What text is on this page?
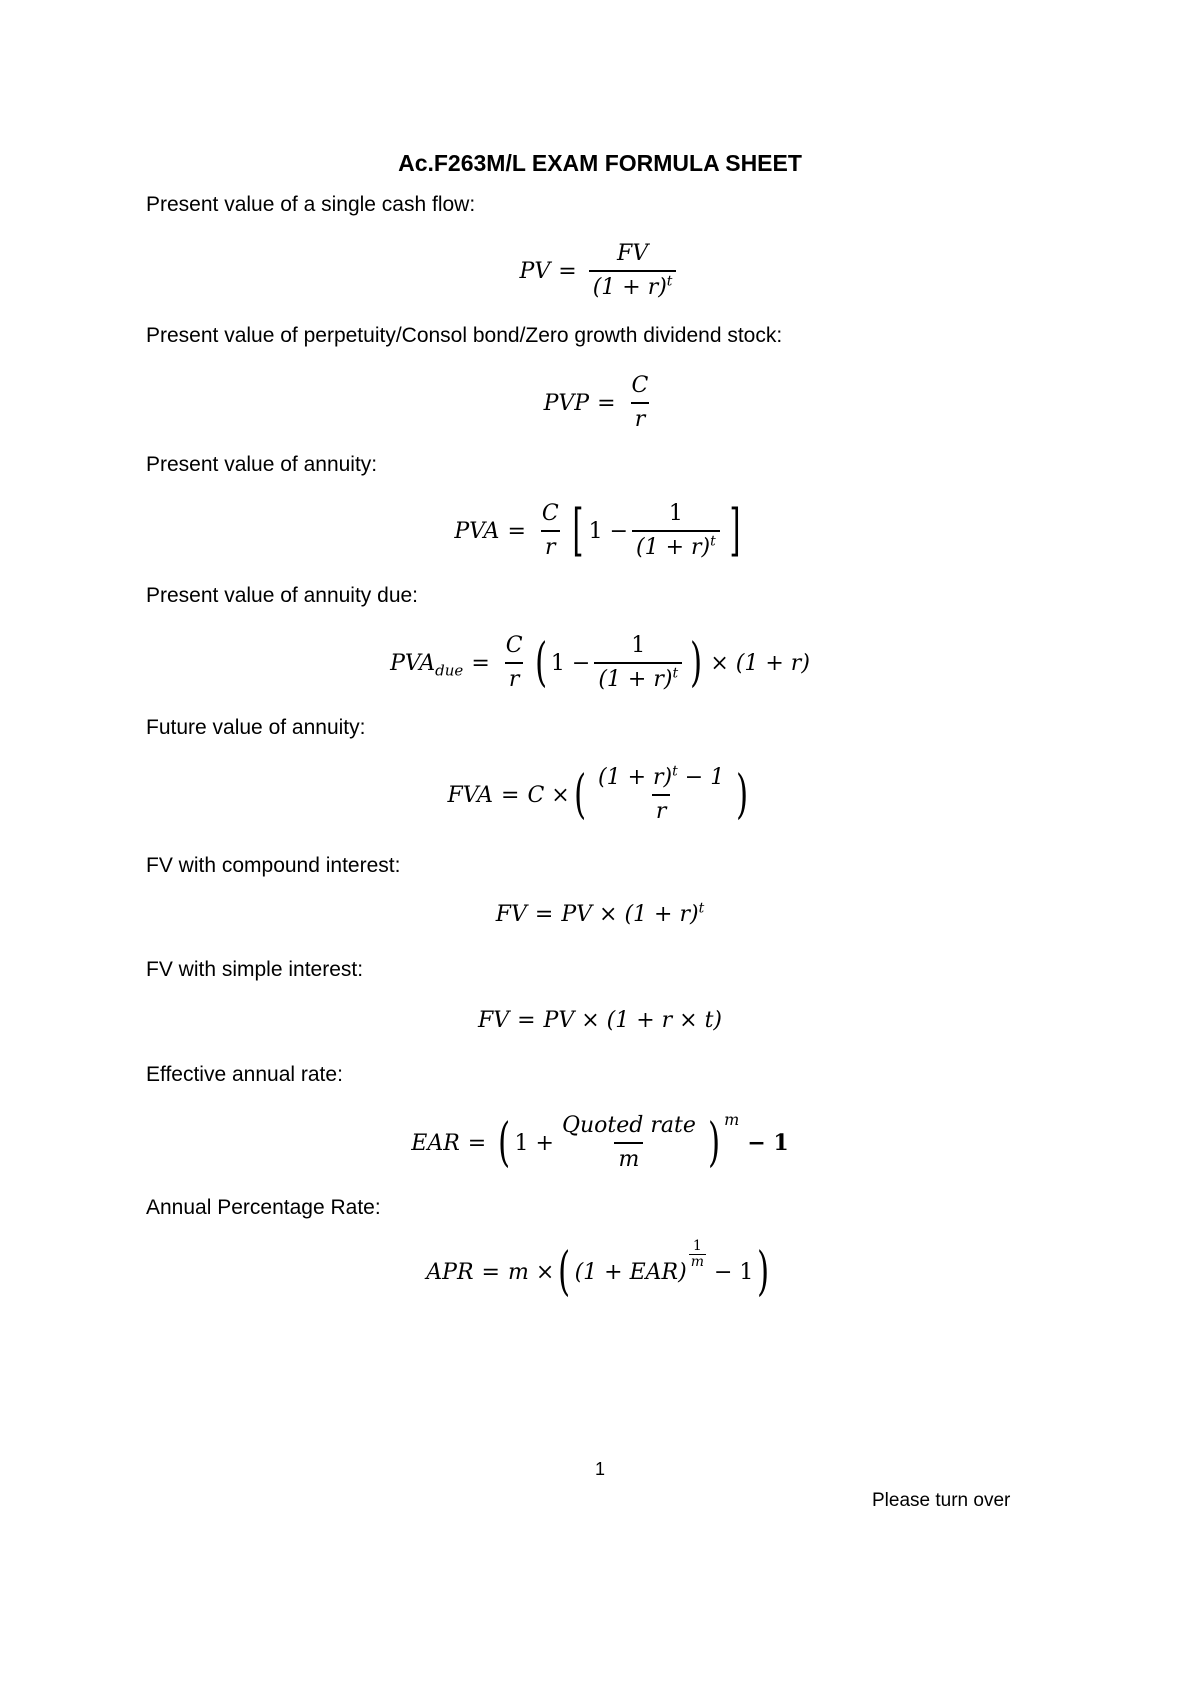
Ac.F263M/L EXAM FORMULA SHEET
Present value of a single cash flow:
PV = $\frac{FV}{(1 + r)^t}$
Present value of perpetuity/Consol bond/Zero growth dividend stock:
PVP = $\frac{C}{r}$
Present value of annuity:
PVA = $\frac{C}{r}$ [ $1 - \frac{1}{(1 + r)^t}$ ]
Present value of annuity due:
$PVA_{due} = \frac{C}{r}$ ( $1 - \frac{1}{(1 + r)^t}$ ) × (1 + r)
Future value of annuity:
FVA = C × ( $\frac{(1 + r)^t - 1}{r}$ )
FV with compound interest:
FV = PV × $(1 + r)^t$
FV with simple interest:
FV = PV × (1 + r × t)
Effective annual rate:
EAR = ( $1 + \frac{\text{Quoted rate}}{m}$ ) m
− 1
Annual Percentage Rate:
APR = m × ( (1 + EAR)
$\frac{1}{m}$
− 1 )
1
Please turn over
